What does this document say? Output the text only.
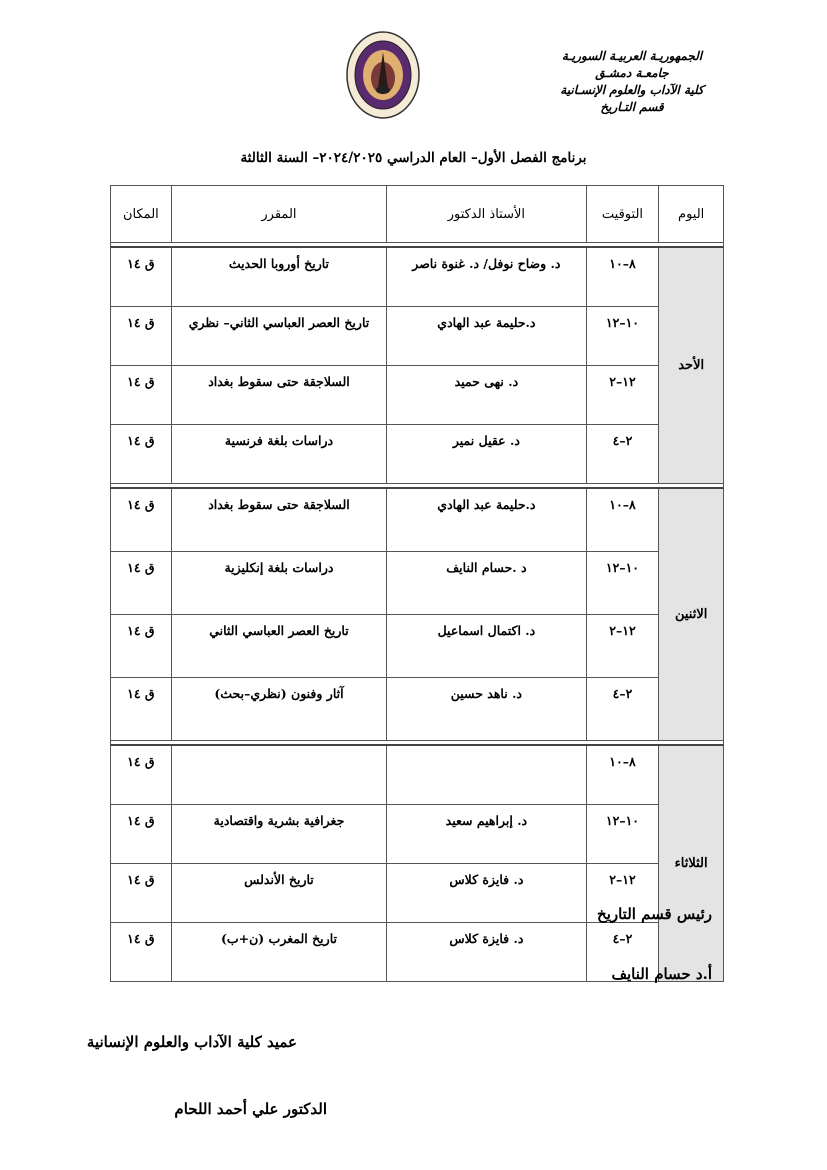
الجمهوريـة العربيـة السوريـة
جامعـة دمشـق
كلية الآداب والعلوم الإنسـانية
قسم التـاريخ
برنامج الفصل الأول– العام الدراسي ٢٠٢٤/٢٠٢٥– السنة الثالثة
اليوم	التوقيت	الأستاذ الدكتور	المقرر	المكان

الأحد	٨–١٠	د. وضاح نوفل/ د. غنوة ناصر	تاريخ أوروبا الحديث	ق ١٤
	١٠–١٢	د.حليمة عبد الهادي	تاريخ العصر العباسي الثاني– نظري	ق ١٤
	١٢–٢	د. نهى حميد	السلاجقة حتى سقوط بغداد	ق ١٤
	٢–٤	د. عقيل نمير	دراسات بلغة فرنسية	ق ١٤

الاثنين	٨–١٠	د.حليمة عبد الهادي	السلاجقة حتى سقوط بغداد	ق ١٤
	١٠–١٢	د .حسام النايف	دراسات بلغة إنكليزية	ق ١٤
	١٢–٢	د. اكتمال اسماعيل	تاريخ العصر العباسي الثاني	ق ١٤
	٢–٤	د. ناهد حسين	آثار وفنون (نظري–بحث)	ق ١٤

الثلاثاء	٨–١٠			ق ١٤
	١٠–١٢	د. إبراهيم سعيد	جغرافية بشرية واقتصادية	ق ١٤
	١٢–٢	د. فايزة كلاس	تاريخ الأندلس	ق ١٤
	٢–٤	د. فايزة كلاس	تاريخ المغرب (ن+ب)	ق ١٤
رئيس قسم التاريخ
أ.د حسام النايف
عميد كلية الآداب والعلوم الإنسانية
الدكتور علي أحمد اللحام
